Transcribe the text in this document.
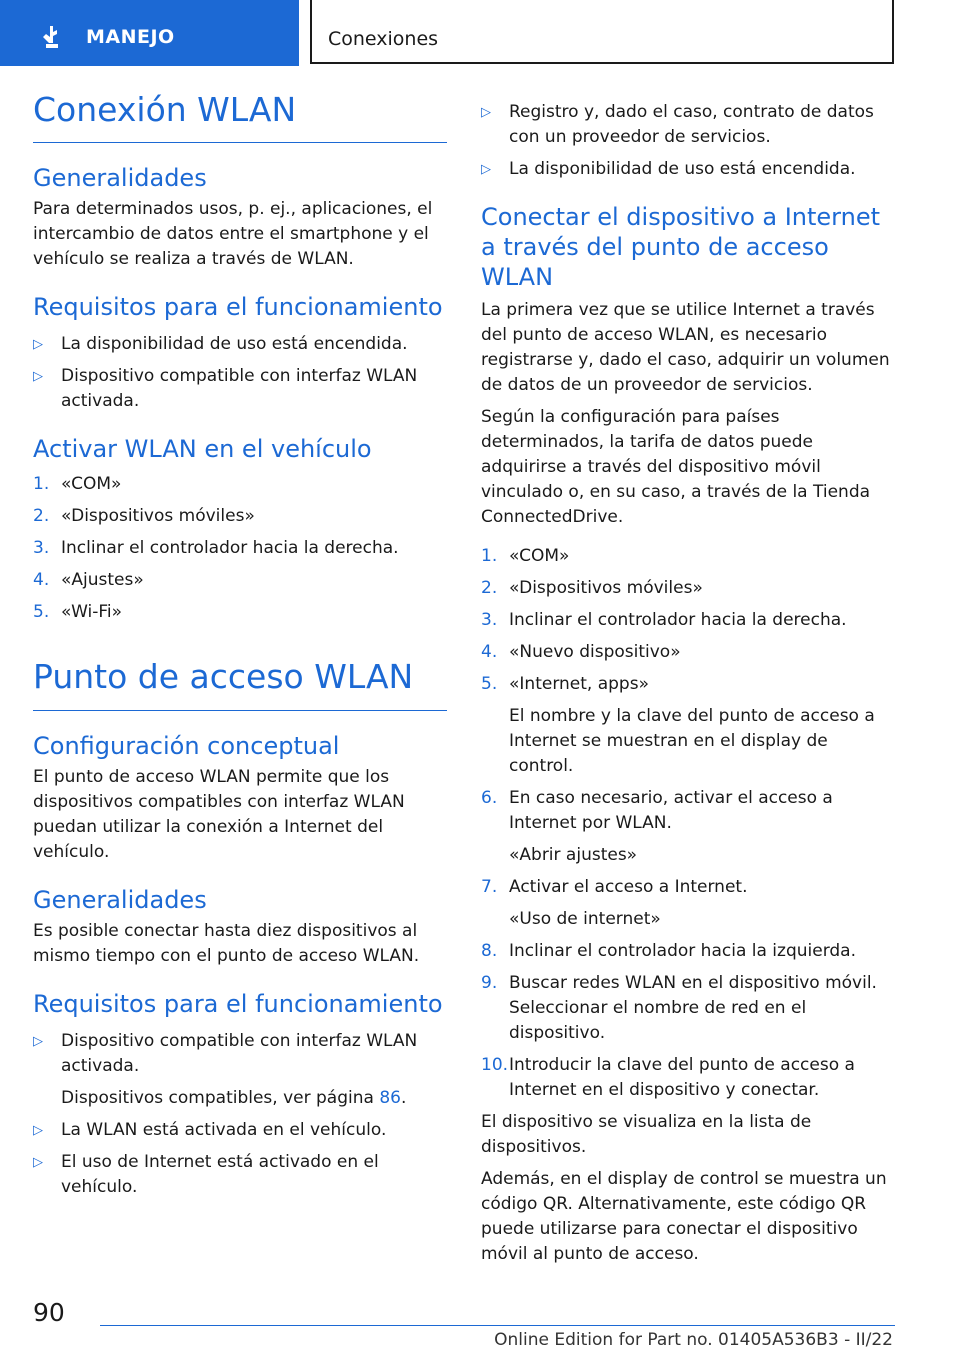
MANEJO	Conexiones
Conexión WLAN
Generalidades

Para determinados usos, p. ej., aplicaciones, el intercambio de datos entre el smartphone y el vehículo se realiza a través de WLAN.

Requisitos para el funcionamiento
▷ La disponibilidad de uso está encendida.
▷ Dispositivo compatible con interfaz WLAN activada.
Activar WLAN en el vehículo
1. «COM»
2. «Dispositivos móviles»
3. Inclinar el controlador hacia la derecha.
4. «Ajustes»
5. «Wi-Fi»
Punto de acceso WLAN
Configuración conceptual

El punto de acceso WLAN permite que los dispositivos compatibles con interfaz WLAN puedan utilizar la conexión a Internet del vehículo.

Generalidades

Es posible conectar hasta diez dispositivos al mismo tiempo con el punto de acceso WLAN.

Requisitos para el funcionamiento
▷ Dispositivo compatible con interfaz WLAN activada.
Dispositivos compatibles, ver página 86.
▷ La WLAN está activada en el vehículo.
▷ El uso de Internet está activado en el vehículo.
▷ Registro y, dado el caso, contrato de datos con un proveedor de servicios.
▷ La disponibilidad de uso está encendida.
Conectar el dispositivo a Internet a través del punto de acceso WLAN

La primera vez que se utilice Internet a través del punto de acceso WLAN, es necesario registrarse y, dado el caso, adquirir un volumen de datos de un proveedor de servicios.

Según la configuración para países determinados, la tarifa de datos puede adquirirse a través del dispositivo móvil vinculado o, en su caso, a través de la Tienda ConnectedDrive.

1. «COM»
2. «Dispositivos móviles»
3. Inclinar el controlador hacia la derecha.
4. «Nuevo dispositivo»
5. «Internet, apps»
El nombre y la clave del punto de acceso a Internet se muestran en el display de control.
6. En caso necesario, activar el acceso a Internet por WLAN.
«Abrir ajustes»
7. Activar el acceso a Internet.
«Uso de internet»
8. Inclinar el controlador hacia la izquierda.
9. Buscar redes WLAN en el dispositivo móvil. Seleccionar el nombre de red en el dispositivo.
10. Introducir la clave del punto de acceso a Internet en el dispositivo y conectar.

El dispositivo se visualiza en la lista de dispositivos.

Además, en el display de control se muestra un código QR. Alternativamente, este código QR puede utilizarse para conectar el dispositivo móvil al punto de acceso.

90
Online Edition for Part no. 01405A536B3 - II/22
